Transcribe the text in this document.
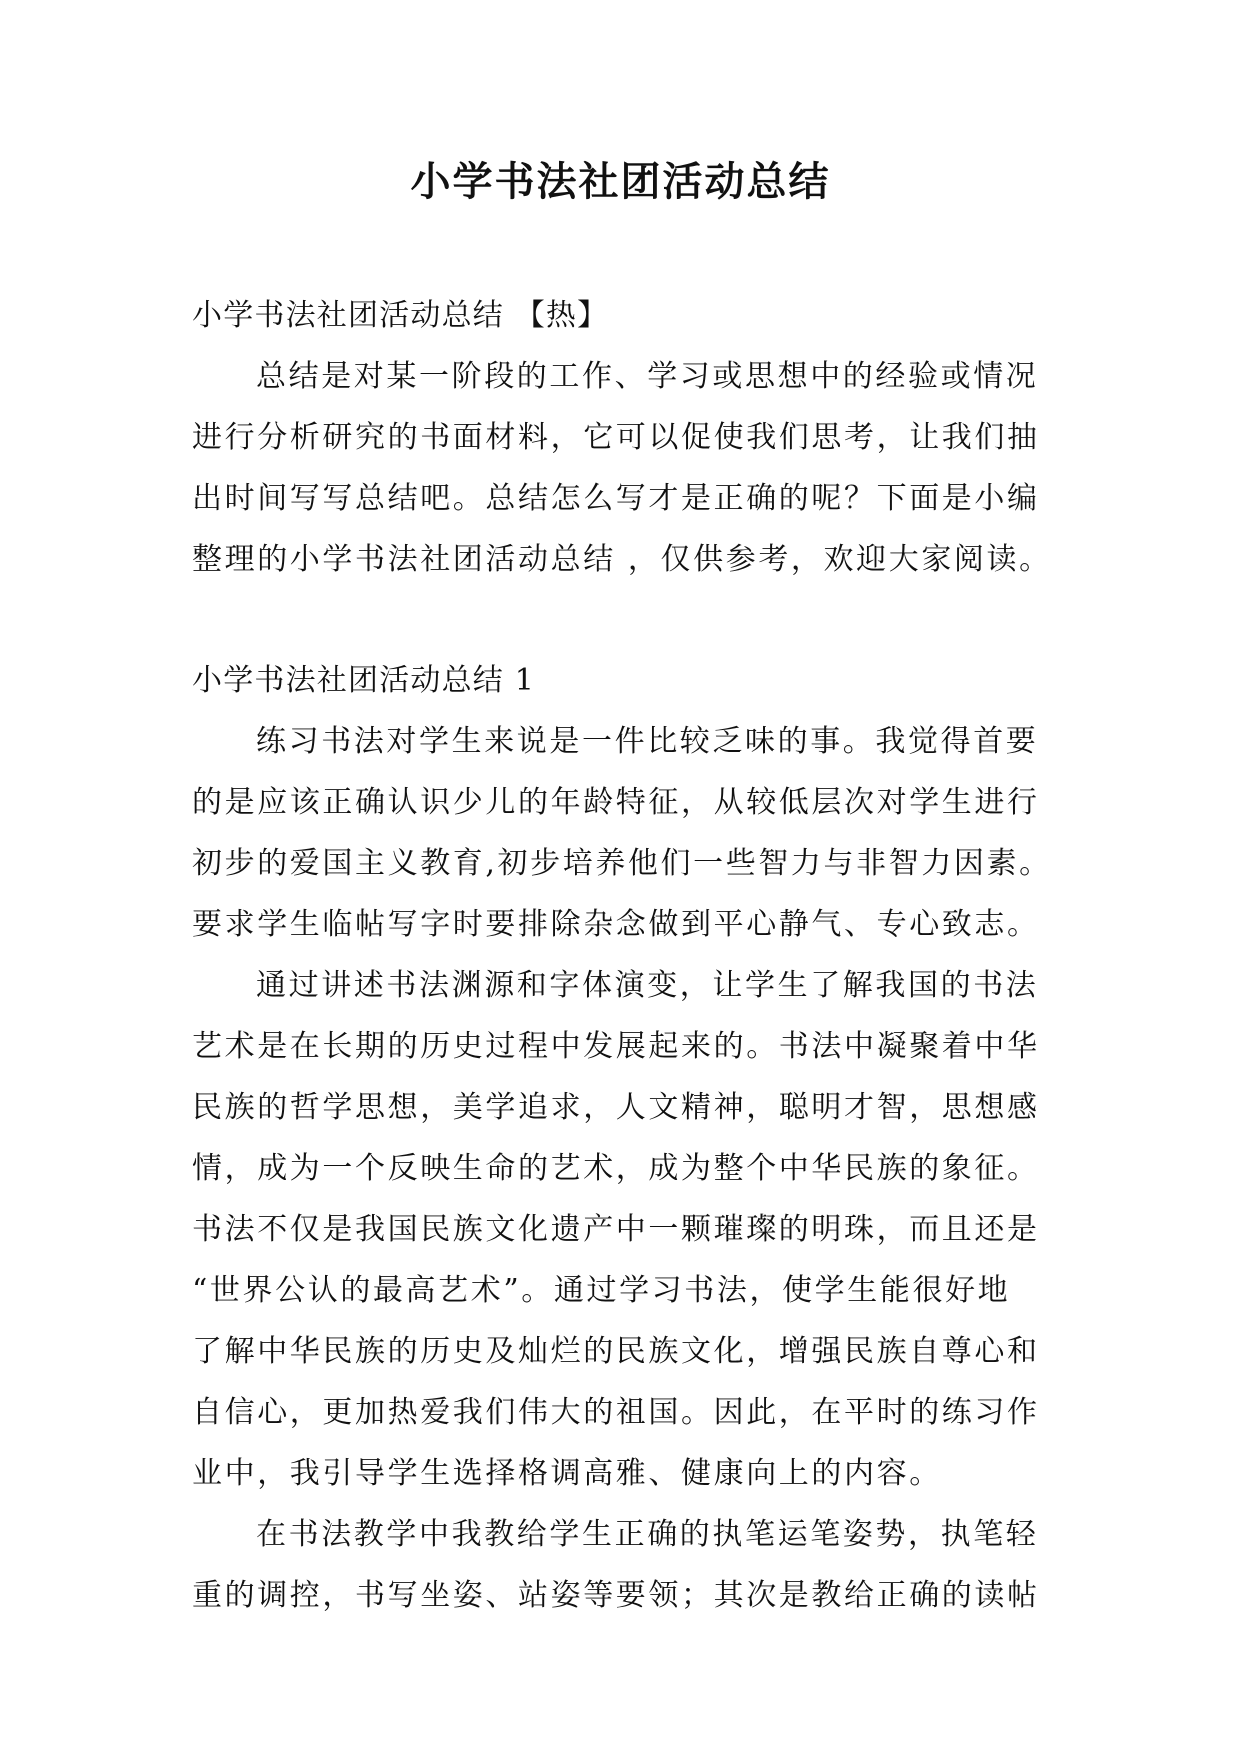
小学书法社团活动总结

小学书法社团活动总结 【热】

总结是对某一阶段的工作、学习或思想中的经验或情况

进行分析研究的书面材料，它可以促使我们思考，让我们抽

出时间写写总结吧。总结怎么写才是正确的呢？下面是小编

整理的小学书法社团活动总结 ，仅供参考，欢迎大家阅读。

小学书法社团活动总结 1

练习书法对学生来说是一件比较乏味的事。我觉得首要

的是应该正确认识少儿的年龄特征，从较低层次对学生进行

初步的爱国主义教育,初步培养他们一些智力与非智力因素。

要求学生临帖写字时要排除杂念做到平心静气、专心致志。

通过讲述书法渊源和字体演变，让学生了解我国的书法

艺术是在长期的历史过程中发展起来的。书法中凝聚着中华

民族的哲学思想，美学追求，人文精神，聪明才智，思想感

情，成为一个反映生命的艺术，成为整个中华民族的象征。

书法不仅是我国民族文化遗产中一颗璀璨的明珠，而且还是

“世界公认的最高艺术”。通过学习书法，使学生能很好地

了解中华民族的历史及灿烂的民族文化，增强民族自尊心和

自信心，更加热爱我们伟大的祖国。因此，在平时的练习作

业中，我引导学生选择格调高雅、健康向上的内容。

在书法教学中我教给学生正确的执笔运笔姿势，执笔轻

重的调控，书写坐姿、站姿等要领；其次是教给正确的读帖
